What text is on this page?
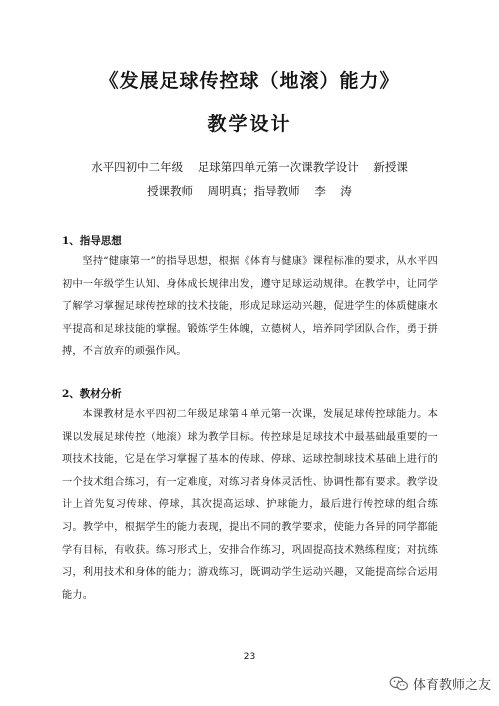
《发展足球传控球（地滚）能力》
教学设计
水平四初中二年级    足球第四单元第一次课教学设计    新授课
授课教师    周明真；指导教师    李    涛
1、指导思想
坚持“健康第一”的指导思想，根据《体育与健康》课程标准的要求，从水平四初中一年级学生认知、身体成长规律出发，遵守足球运动规律。在教学中，让同学了解学习掌握足球传控球的技术技能，形成足球运动兴趣，促进学生的体质健康水平提高和足球技能的掌握。锻炼学生体魄，立德树人，培养同学团队合作，勇于拼搏，不言放弃的顽强作风。
2、教材分析
本课教材是水平四初二年级足球第４单元第一次课，发展足球传控球能力。本课以发展足球传控（地滚）球为教学目标。传控球是足球技术中最基础最重要的一项技术技能，它是在学习掌握了基本的传球、停球、运球控制球技术基础上进行的一个技术组合练习，有一定难度，对练习者身体灵活性、协调性都有要求。教学设计上首先复习传球、停球，其次提高运球、护球能力，最后进行传控球的组合练习。教学中，根据学生的能力表现，提出不同的教学要求，使能力各异的同学都能学有目标，有收获。练习形式上，安排合作练习，巩固提高技术熟练程度；对抗练习，利用技术和身体的能力；游戏练习，既调动学生运动兴趣，又能提高综合运用能力。
23
体育教师之友
